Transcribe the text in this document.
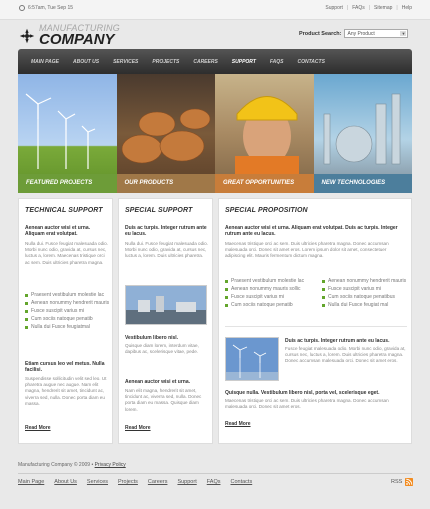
6:57am, Tue Sep 15	Support | FAQs | Sitemap | Help
MANUFACTURING
COMPANY	Product Search:	Any Product	▼
MAIN PAGE	ABOUT US	SERVICES	PROJECTS	CAREERS	SUPPORT	FAQS	CONTACTS
FEATURED PROJECTS	OUR PRODUCTS	GREAT OPPORTUNITIES	NEW TECHNOLOGIES
TECHNICAL SUPPORT
Aenean auctor wisi et urna. Aliquam erat volutpat.
Nulla dui. Fusce feugiat malesuada odio. Morbi nunc odio, gravida at, cursus nec, luctus a, lorem. Maecenas tristique orci ac sem. Duis ultricies pharetra magna.
Praesent vestibulum molestie lac
Aenean nonummy hendrerit mauris
Fusce suscipit varius mi
Cum sociis natoque penatib
Nulla dui Fusce feugiatmal
Etiam cursus leo vel metus. Nulla facilisi.
Suspendisse sollicitudin velit sed leo. Ut pharetra augue nec augue. Nam elit magna, hendrerit sit amet, tincidunt ac, viverra sed, nulla. Donec porta diam eu massa.
Read More
SPECIAL SUPPORT
Duis ac turpis. Integer rutrum ante eu lacus.
Nulla dui. Fusce feugiat malesuada odio. Morbi nunc odio, gravida at, cursus nec, luctus a, lorem. Duis ultricies pharetra.
Vestibulum libero nisl.
Quisque diam lorem, interdum vitae, dapibus ac, scelerisque vitae, pede.
Aenean auctor wisi et urna.
Nam elit magna, hendrerit sit amet, tincidunt ac, viverra sed, nulla. Donec porta diam eu massa. Quisque diam lorem.
Read More
SPECIAL PROPOSITION
Aenean auctor wisi et urna. Aliquam erat volutpat. Duis ac turpis. Integer rutrum ante eu lacus.
Maecenas tristique orci ac sem. Duis ultricies pharetra magna. Donec accumsan malesuada orci. Donec sit amet eros. Lorem ipsum dolor sit amet, consectetuer adipiscing elit. Mauris fermentum dictum magna.
Praesent vestibulum molestie lac
Aenean nonummy mauris sollic
Fusce suscipit varius mi
Cum sociis natoque penatib
Aenean nonummy hendrerit mauris
Fusce suscipit varius mi
Cum sociis natoque penatibus
Nulla dui Fusce feugiat mal
Duis ac turpis. Integer rutrum ante eu lacus.
Fusce feugiat malesuada odio. Morbi nunc odio, gravida at, cursus nec, luctus a, lorem. Duis ultricies pharetra magna. Donec accumsan malesuada orci. Donec sit amet eros.
Quisque nulla. Vestibulum libero nisl, porta vel, scelerisque eget.
Maecenas tristique orci ac sem. Duis ultricies pharetra magna. Donec accumsan malesuada orci. Donec sit amet eros.
Read More
Manufacturing Company © 2009 • Privacy Policy
Main Page About Us Services Projects Careers Support FAQs Contacts	RSS
